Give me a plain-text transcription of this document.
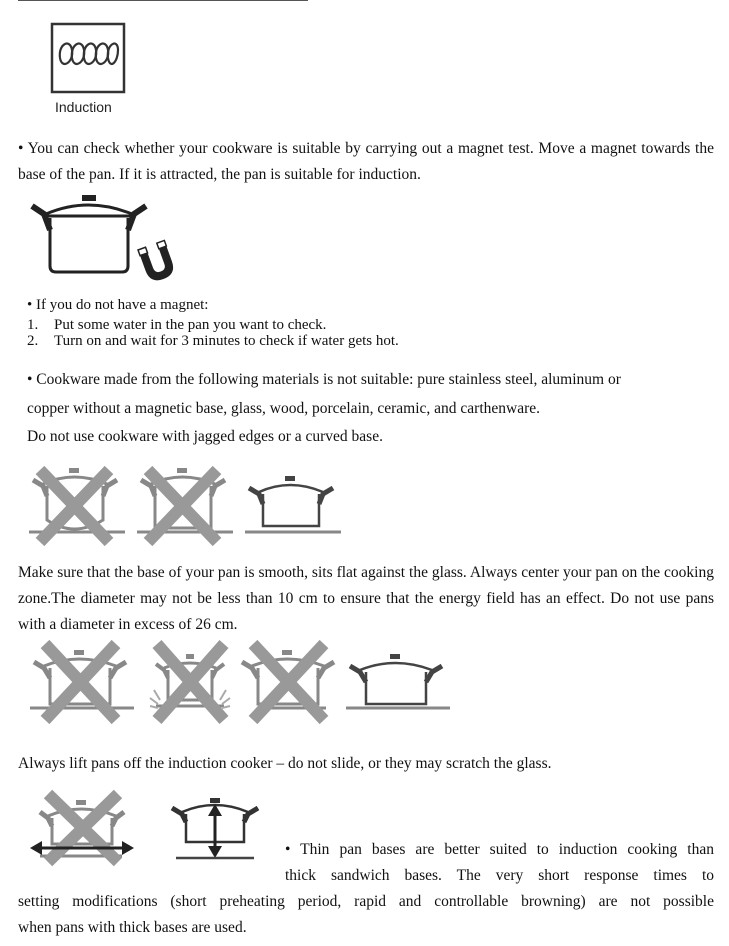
Induction
• You can check whether your cookware is suitable by carrying out a magnet test. Move a magnet towards the base of the pan. If it is attracted, the pan is suitable for induction.
• If you do not have a magnet:
1. Put some water in the pan you want to check.
2. Turn on and wait for 3 minutes to check if water gets hot.
• Cookware made from the following materials is not suitable: pure stainless steel, aluminum or
copper without a magnetic base, glass, wood, porcelain, ceramic, and carthenware.
Do not use cookware with jagged edges or a curved base.
Make sure that the base of your pan is smooth, sits flat against the glass. Always center your pan on the cooking zone.The diameter may not be less than 10 cm to ensure that the energy field has an effect. Do not use pans with a diameter in excess of 26 cm.
Always lift pans off the induction cooker – do not slide, or they may scratch the glass.
• Thin pan bases are better suited to induction cooking than
thick sandwich bases. The very short response times to
setting modifications (short preheating period, rapid and controllable browning) are not possible
when pans with thick bases are used.
